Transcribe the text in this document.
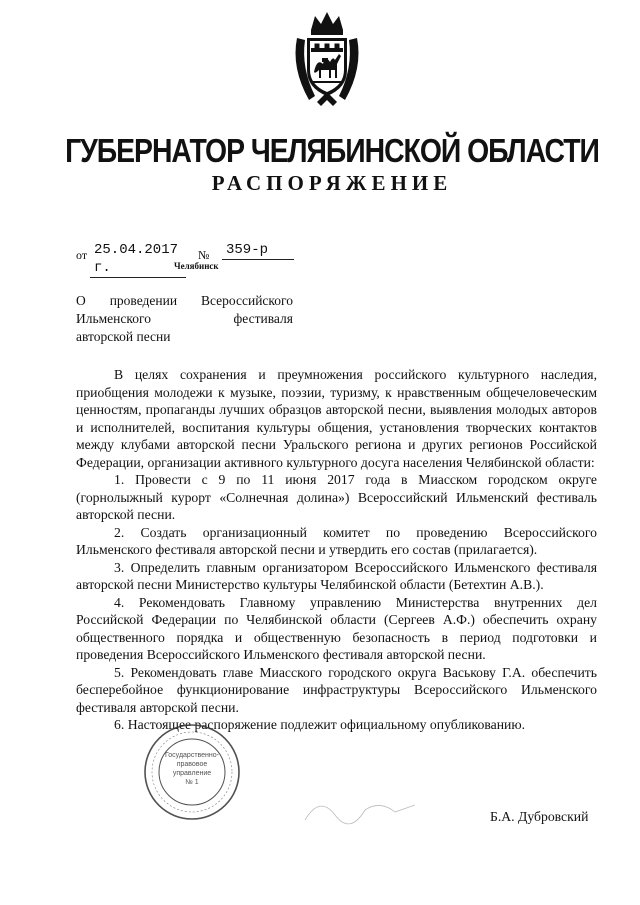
ГУБЕРНАТОР ЧЕЛЯБИНСКОЙ ОБЛАСТИ
РАСПОРЯЖЕНИЕ
от 25.04.2017 г.
№ 359-р
Челябинск
О проведении Всероссийского
Ильменского фестиваля
авторской песни

В целях сохранения и преумножения российского культурного наследия, приобщения молодежи к музыке, поэзии, туризму, к нравственным общечеловеческим ценностям, пропаганды лучших образцов авторской песни, выявления молодых авторов и исполнителей, воспитания культуры общения, установления творческих контактов между клубами авторской песни Уральского региона и других регионов Российской Федерации, организации активного культурного досуга населения Челябинской области:

1. Провести с 9 по 11 июня 2017 года в Миасском городском округе (горнолыжный курорт «Солнечная долина») Всероссийский Ильменский фестиваль авторской песни.

2. Создать организационный комитет по проведению Всероссийского Ильменского фестиваля авторской песни и утвердить его состав (прилагается).

3. Определить главным организатором Всероссийского Ильменского фестиваля авторской песни Министерство культуры Челябинской области (Бетехтин А.В.).

4. Рекомендовать Главному управлению Министерства внутренних дел Российской Федерации по Челябинской области (Сергеев А.Ф.) обеспечить охрану общественного порядка и общественную безопасность в период подготовки и проведения Всероссийского Ильменского фестиваля авторской песни.

5. Рекомендовать главе Миасского городского округа Васькову Г.А. обеспечить бесперебойное функционирование инфраструктуры Всероссийского Ильменского фестиваля авторской песни.

6. Настоящее распоряжение подлежит официальному опубликованию.

Государственно-
правовое
управление
№ 1
Б.А. Дубровский
